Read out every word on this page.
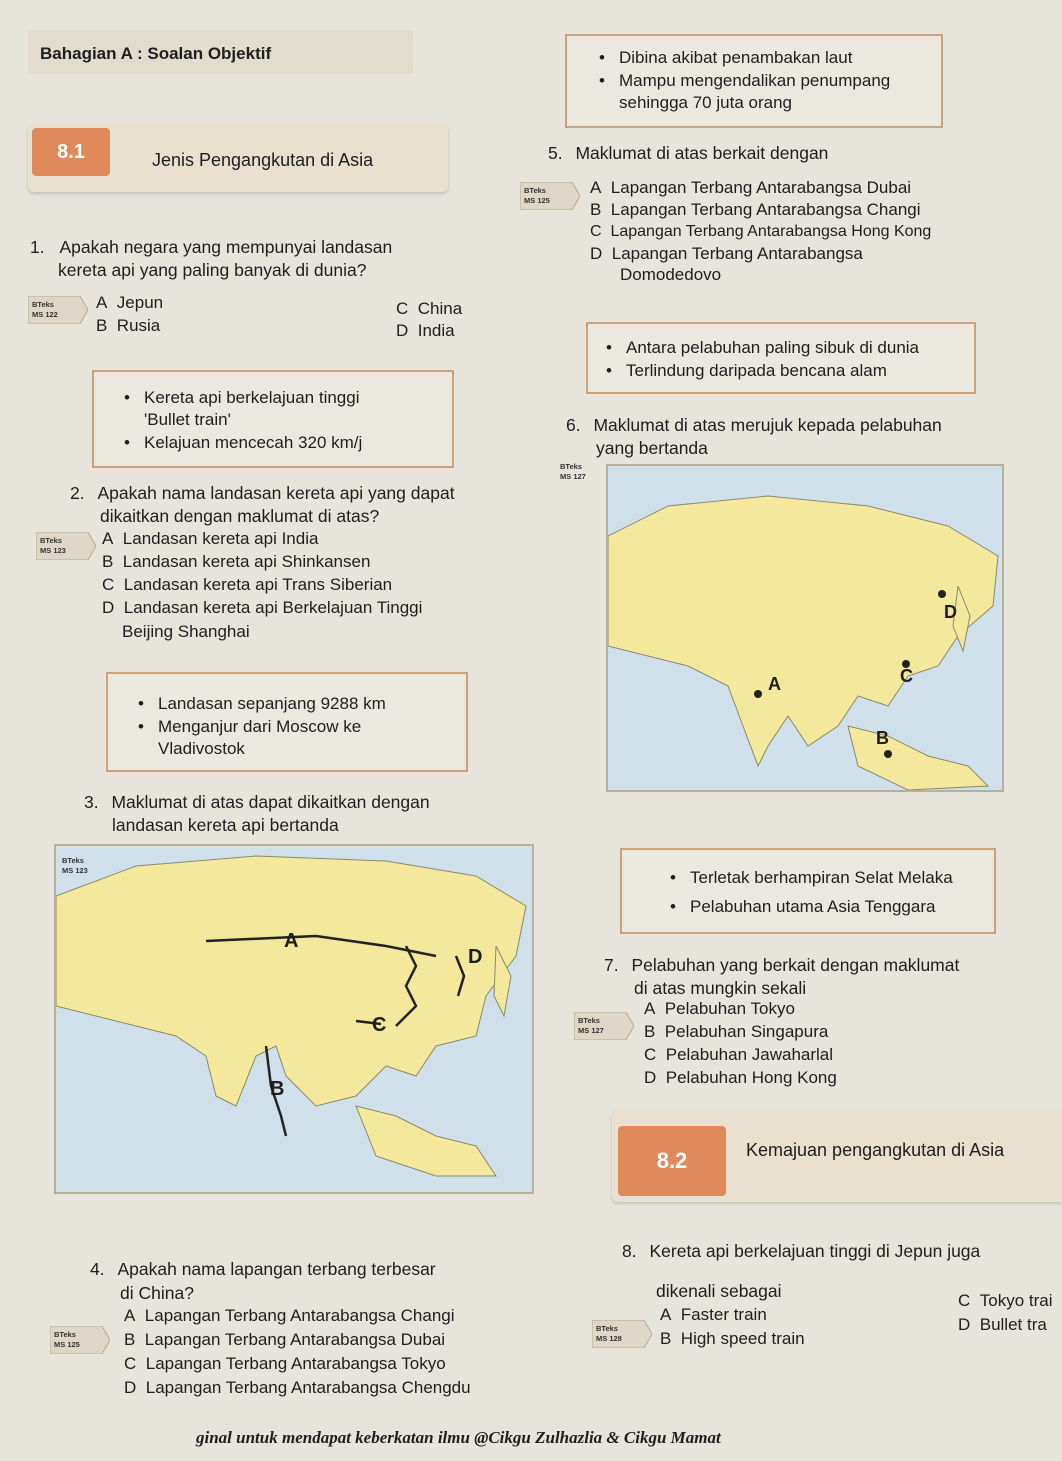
Bahagian A : Soalan Objektif
•	Dibina akibat penambakan laut
• Mampu mengendalikan penumpang
sehingga 70 juta orang
8.1	Jenis Pengangkutan di Asia
1. Apakah negara yang mempunyai landasan
kereta api yang paling banyak di dunia?
BTeks
MS 122
A  Jepun
B  Rusia
C  China
D  India
• Kereta api berkelajuan tinggi
'Bullet train'
• Kelajuan mencecah 320 km/j
2. Apakah nama landasan kereta api yang dapat
dikaitkan dengan maklumat di atas?
BTeks
MS 123
A  Landasan kereta api India
B  Landasan kereta api Shinkansen
C  Landasan kereta api Trans Siberian
D  Landasan kereta api Berkelajuan Tinggi
Beijing Shanghai
• Landasan sepanjang 9288 km
• Menganjur dari Moscow ke
Vladivostok
3. Maklumat di atas dapat dikaitkan dengan
landasan kereta api bertanda
A
B
C
D
BTeks
MS 123
4. Apakah nama lapangan terbang terbesar
di China?
BTeks
MS 125
A  Lapangan Terbang Antarabangsa Changi
B  Lapangan Terbang Antarabangsa Dubai
C  Lapangan Terbang Antarabangsa Tokyo
D  Lapangan Terbang Antarabangsa Chengdu
5. Maklumat di atas berkait dengan
BTeks
MS 125
A  Lapangan Terbang Antarabangsa Dubai
B  Lapangan Terbang Antarabangsa Changi
C  Lapangan Terbang Antarabangsa Hong Kong
D  Lapangan Terbang Antarabangsa
Domodedovo
• Antara pelabuhan paling sibuk di dunia
• Terlindung daripada bencana alam
6. Maklumat di atas merujuk kepada pelabuhan
yang bertanda
BTeks
MS 127
A
B
C
D
• Terletak berhampiran Selat Melaka
• Pelabuhan utama Asia Tenggara
7. Pelabuhan yang berkait dengan maklumat
di atas mungkin sekali
BTeks
MS 127
A  Pelabuhan Tokyo
B  Pelabuhan Singapura
C  Pelabuhan Jawaharlal
D  Pelabuhan Hong Kong
8.2	Kemajuan pengangkutan di Asia
8. Kereta api berkelajuan tinggi di Jepun juga
dikenali sebagai
BTeks
MS 128
A  Faster train
B  High speed train
C  Tokyo trai
D  Bullet tra
ginal untuk mendapat keberkatan ilmu @Cikgu Zulhazlia & Cikgu Mamat
